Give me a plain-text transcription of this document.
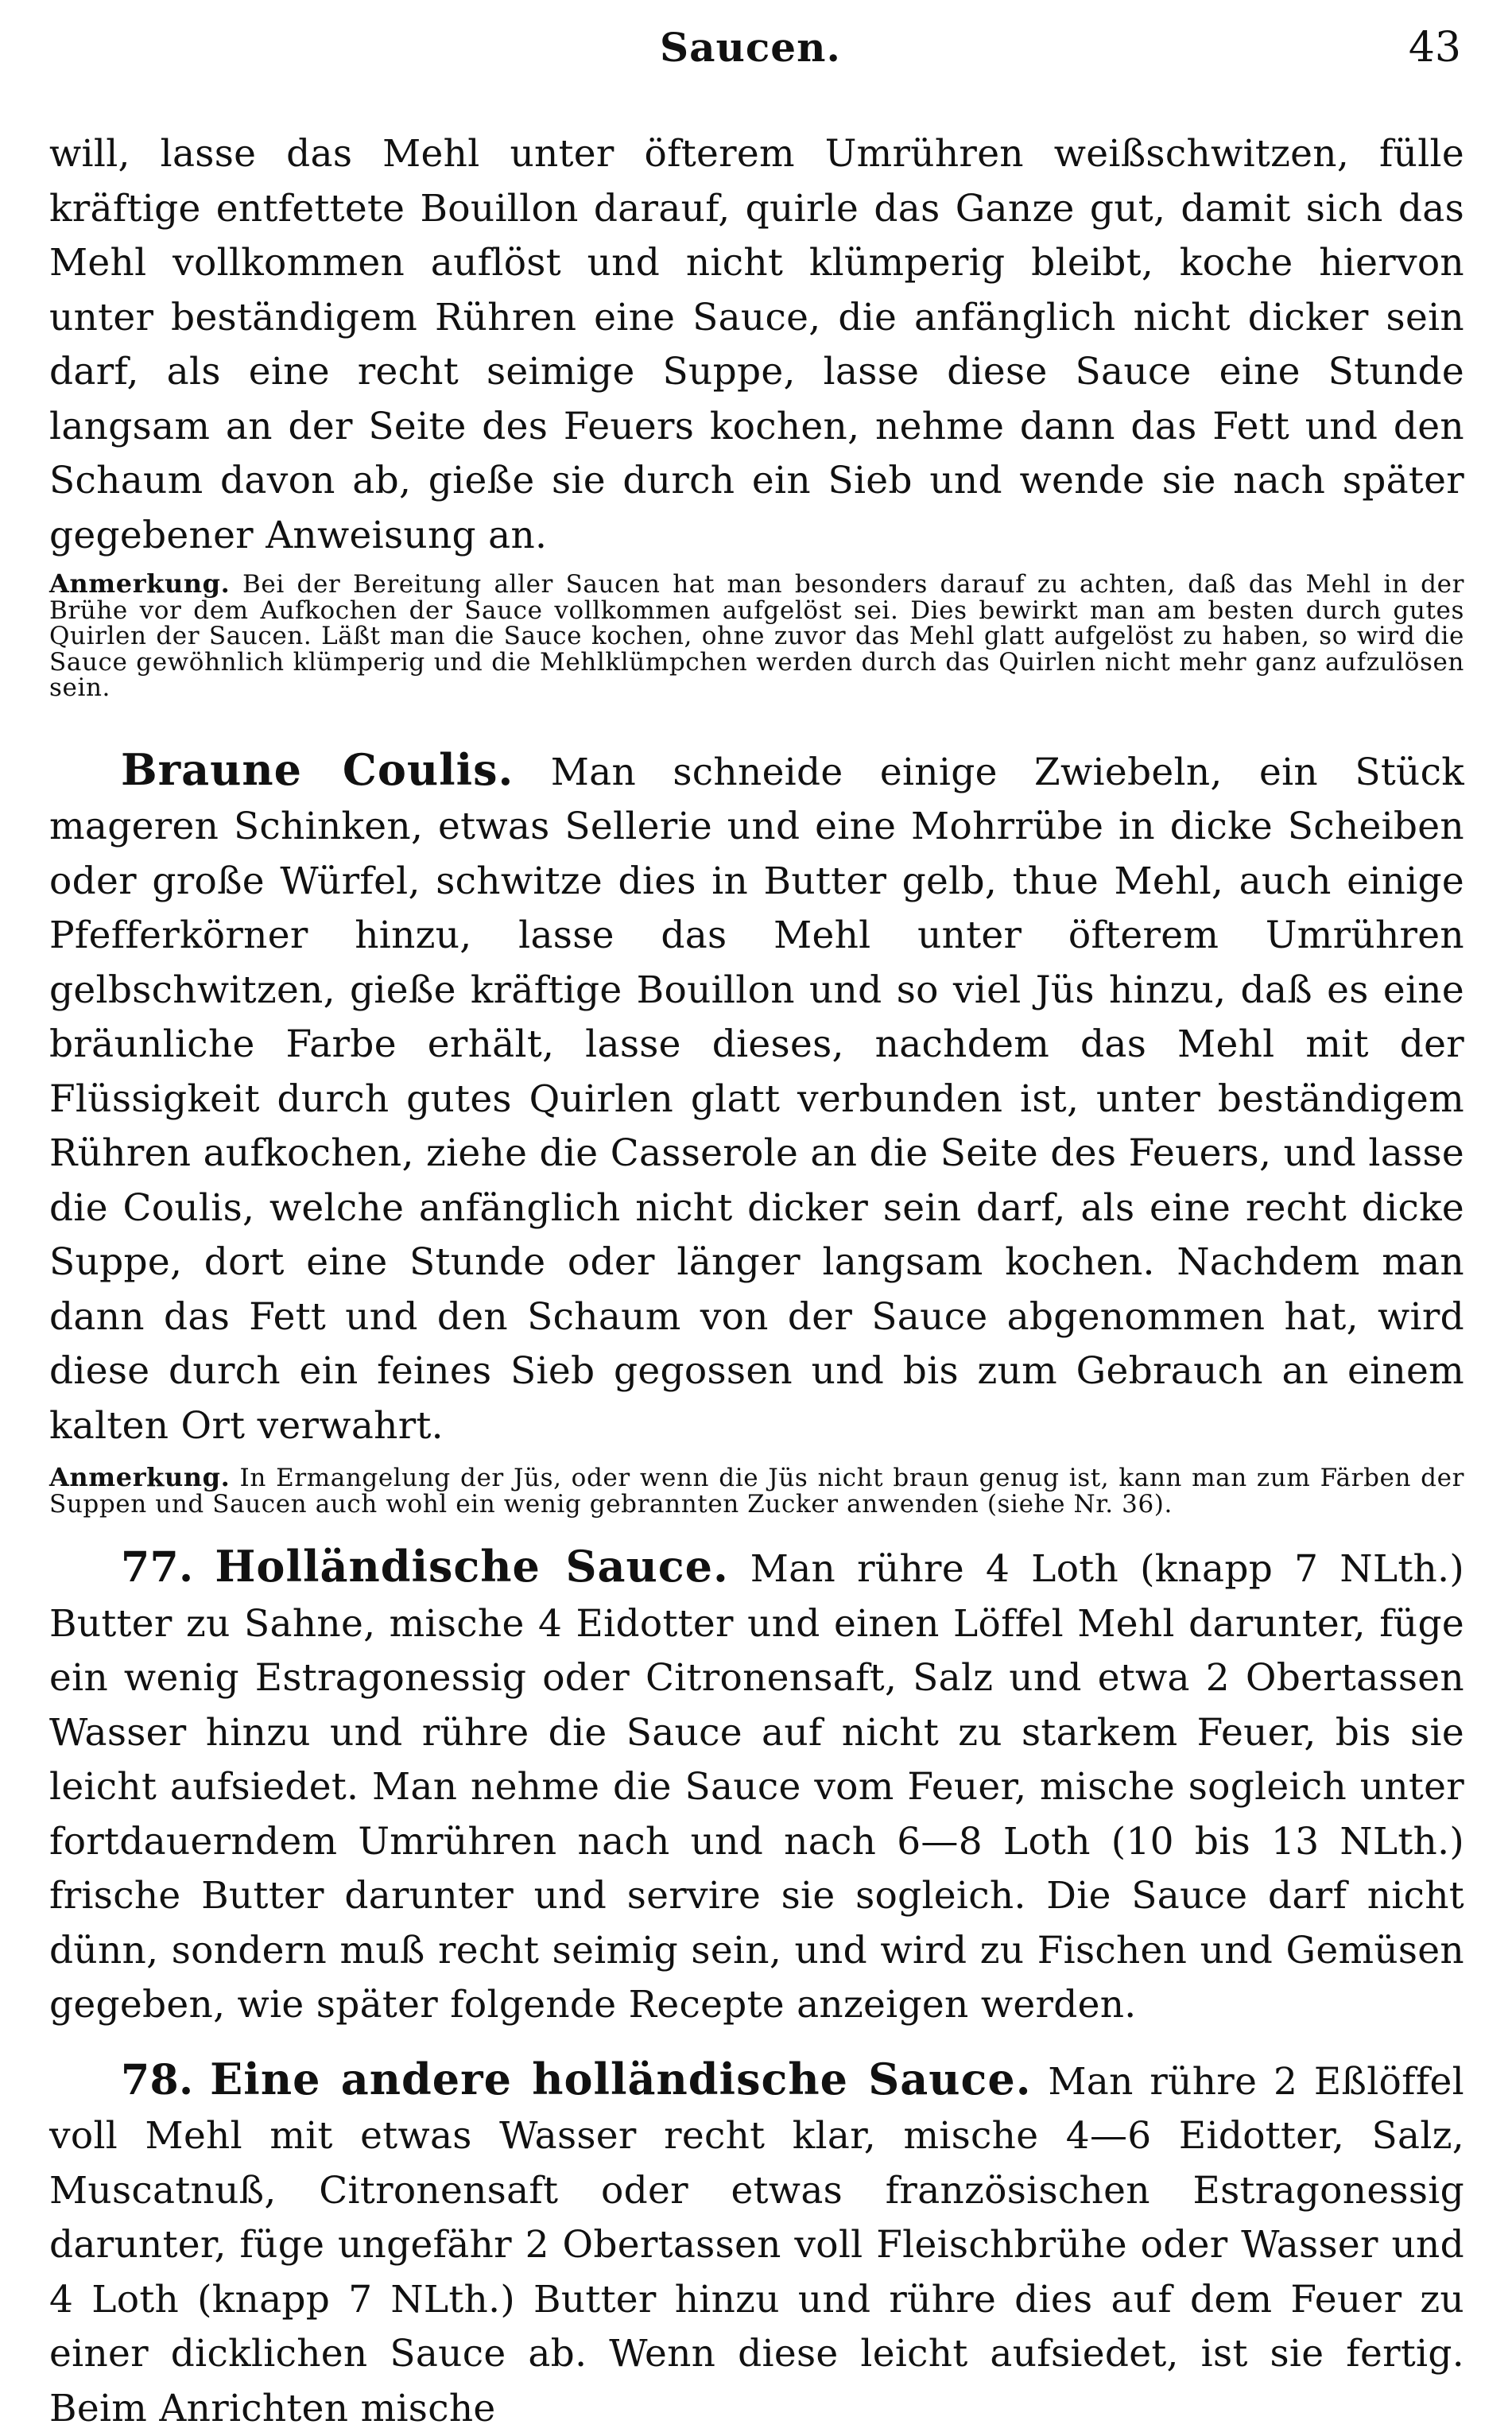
Saucen.	43

will, lasse das Mehl unter öfterem Umrühren weißschwitzen, fülle kräftige entfettete Bouillon darauf, quirle das Ganze gut, damit sich das Mehl vollkommen auflöst und nicht klümperig bleibt, koche hiervon unter beständigem Rühren eine Sauce, die anfänglich nicht dicker sein darf, als eine recht seimige Suppe, lasse diese Sauce eine Stunde langsam an der Seite des Feuers kochen, nehme dann das Fett und den Schaum davon ab, gieße sie durch ein Sieb und wende sie nach später gegebener Anweisung an.

Anmerkung. Bei der Bereitung aller Saucen hat man besonders darauf zu achten, daß das Mehl in der Brühe vor dem Aufkochen der Sauce vollkommen aufgelöst sei. Dies bewirkt man am besten durch gutes Quirlen der Saucen. Läßt man die Sauce kochen, ohne zuvor das Mehl glatt aufgelöst zu haben, so wird die Sauce gewöhnlich klümperig und die Mehlklümpchen werden durch das Quirlen nicht mehr ganz aufzulösen sein.

Braune Coulis. Man schneide einige Zwiebeln, ein Stück mageren Schinken, etwas Sellerie und eine Mohrrübe in dicke Scheiben oder große Würfel, schwitze dies in Butter gelb, thue Mehl, auch einige Pfefferkörner hinzu, lasse das Mehl unter öfterem Umrühren gelbschwitzen, gieße kräftige Bouillon und so viel Jüs hinzu, daß es eine bräunliche Farbe erhält, lasse dieses, nachdem das Mehl mit der Flüssigkeit durch gutes Quirlen glatt verbunden ist, unter beständigem Rühren aufkochen, ziehe die Casserole an die Seite des Feuers, und lasse die Coulis, welche anfänglich nicht dicker sein darf, als eine recht dicke Suppe, dort eine Stunde oder länger langsam kochen. Nachdem man dann das Fett und den Schaum von der Sauce abgenommen hat, wird diese durch ein feines Sieb gegossen und bis zum Gebrauch an einem kalten Ort verwahrt.

Anmerkung. In Ermangelung der Jüs, oder wenn die Jüs nicht braun genug ist, kann man zum Färben der Suppen und Saucen auch wohl ein wenig gebrannten Zucker anwenden (siehe Nr. 36).

77. Holländische Sauce. Man rühre 4 Loth (knapp 7 NLth.) Butter zu Sahne, mische 4 Eidotter und einen Löffel Mehl darunter, füge ein wenig Estragonessig oder Citronensaft, Salz und etwa 2 Obertassen Wasser hinzu und rühre die Sauce auf nicht zu starkem Feuer, bis sie leicht aufsiedet. Man nehme die Sauce vom Feuer, mische sogleich unter fortdauerndem Umrühren nach und nach 6—8 Loth (10 bis 13 NLth.) frische Butter darunter und servire sie sogleich. Die Sauce darf nicht dünn, sondern muß recht seimig sein, und wird zu Fischen und Gemüsen gegeben, wie später folgende Recepte anzeigen werden.

78. Eine andere holländische Sauce. Man rühre 2 Eßlöffel voll Mehl mit etwas Wasser recht klar, mische 4—6 Eidotter, Salz, Muscatnuß, Citronensaft oder etwas französischen Estragonessig darunter, füge ungefähr 2 Obertassen voll Fleischbrühe oder Wasser und 4 Loth (knapp 7 NLth.) Butter hinzu und rühre dies auf dem Feuer zu einer dicklichen Sauce ab. Wenn diese leicht aufsiedet, ist sie fertig. Beim Anrichten mische
